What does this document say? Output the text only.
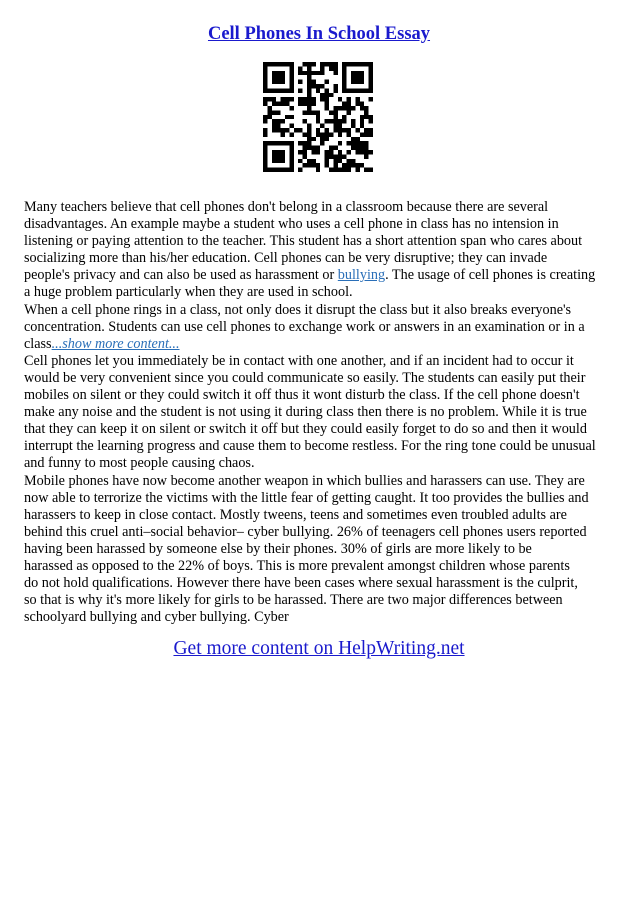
Cell Phones In School Essay
Many teachers believe that cell phones don't belong in a classroom because there are several
disadvantages. An example maybe a student who uses a cell phone in class has no intension in
listening or paying attention to the teacher. This student has a short attention span who cares about
socializing more than his/her education. Cell phones can be very disruptive; they can invade
people's privacy and can also be used as harassment or bullying. The usage of cell phones is creating
a huge problem particularly when they are used in school.
When a cell phone rings in a class, not only does it disrupt the class but it also breaks everyone's
concentration. Students can use cell phones to exchange work or answers in an examination or in a
class...show more content...
Cell phones let you immediately be in contact with one another, and if an incident had to occur it
would be very convenient since you could communicate so easily. The students can easily put their
mobiles on silent or they could switch it off thus it wont disturb the class. If the cell phone doesn't
make any noise and the student is not using it during class then there is no problem. While it is true
that they can keep it on silent or switch it off but they could easily forget to do so and then it would
interrupt the learning progress and cause them to become restless. For the ring tone could be unusual
and funny to most people causing chaos.
Mobile phones have now become another weapon in which bullies and harassers can use. They are
now able to terrorize the victims with the little fear of getting caught. It too provides the bullies and
harassers to keep in close contact. Mostly tweens, teens and sometimes even troubled adults are
behind this cruel anti–social behavior– cyber bullying. 26% of teenagers cell phones users reported
having been harassed by someone else by their phones. 30% of girls are more likely to be
harassed as opposed to the 22% of boys. This is more prevalent amongst children whose parents
do not hold qualifications. However there have been cases where sexual harassment is the culprit,
so that is why it's more likely for girls to be harassed. There are two major differences between
schoolyard bullying and cyber bullying. Cyber
Get more content on HelpWriting.net
